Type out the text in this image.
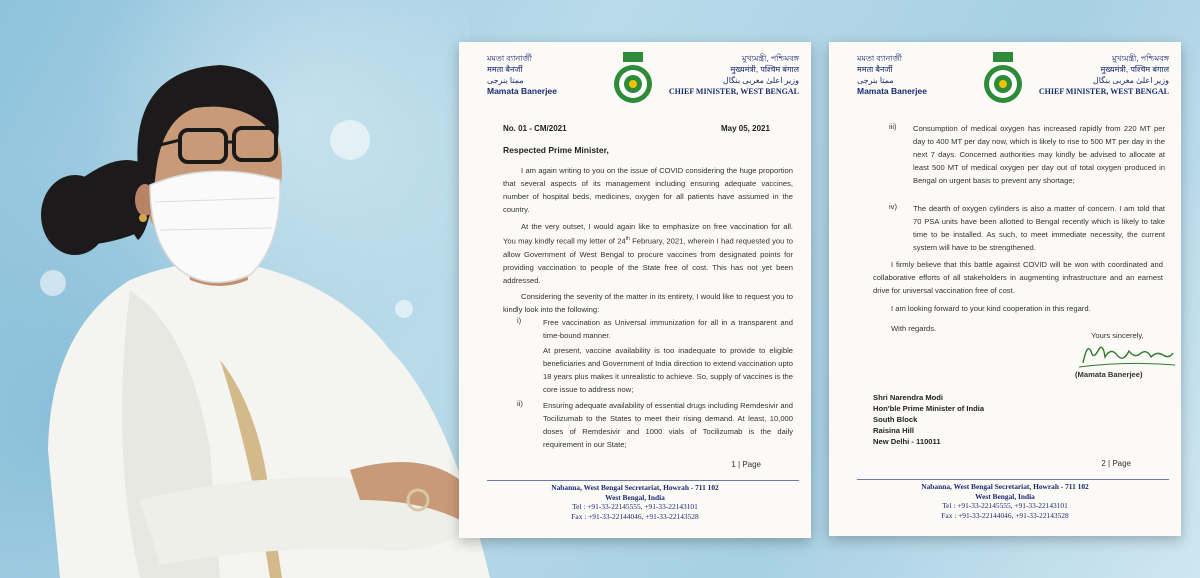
মমতা ব্যানার্জী
ममता बैनर्जी
ممتا بنرجی
Mamata Banerjee
মুখ্যমন্ত্রী, পশ্চিমবঙ্গ
मुख्यमंत्री, पश्चिम बंगाल
وزیر اعلیٰ مغربی بنگال
CHIEF MINISTER, WEST BENGAL
No. 01 - CM/2021	May 05, 2021
Respected Prime Minister,
I am again writing to you on the issue of COVID considering the huge proportion that several aspects of its management including ensuring adequate vaccines, number of hospital beds, medicines, oxygen for all patients have assumed in the country.
At the very outset, I would again like to emphasize on free vaccination for all. You may kindly recall my letter of 24th February, 2021, wherein I had requested you to allow Government of West Bengal to procure vaccines from designated points for providing vaccination to people of the State free of cost. This has not yet been addressed.
Considering the severity of the matter in its entirety, I would like to request you to kindly look into the following:
i)	Free vaccination as Universal immunization for all in a transparent and time-bound manner.
At present, vaccine availability is too inadequate to provide to eligible beneficiaries and Government of India direction to extend vaccination upto 18 years plus makes it unrealistic to achieve. So, supply of vaccines is the core issue to address now;
ii)	Ensuring adequate availability of essential drugs including Remdesivir and Tocilizumab to the States to meet their rising demand. At least, 10,000 doses of Remdesivir and 1000 vials of Tocilizumab is the daily requirement in our State;
1 | Page
Nabanna, West Bengal Secretariat, Howrah - 711 102
West Bengal, India
Tel : +91-33-22145555, +91-33-22143101
Fax : +91-33-22144046, +91-33-22143528
মমতা ব্যানার্জী
ममता बैनर्जी
ممتا بنرجی
Mamata Banerjee
মুখ্যমন্ত্রী, পশ্চিমবঙ্গ
मुख्यमंत्री, पश्चिम बंगाल
وزیر اعلیٰ مغربی بنگال
CHIEF MINISTER, WEST BENGAL
iii) Consumption of medical oxygen has increased rapidly from 220 MT per day to 400 MT per day now, which is likely to rise to 500 MT per day in the next 7 days. Concerned authorities may kindly be advised to allocate at least 500 MT of medical oxygen per day out of total oxygen produced in Bengal on urgent basis to prevent any shortage;
iv) The dearth of oxygen cylinders is also a matter of concern. I am told that 70 PSA units have been allotted to Bengal recently which is likely to take time to be installed. As such, to meet immediate necessity, the current system will have to be strengthened.
I firmly believe that this battle against COVID will be won with coordinated and collaborative efforts of all stakeholders in augmenting infrastructure and an earnest drive for universal vaccination free of cost.
I am looking forward to your kind cooperation in this regard.
With regards.
Yours sincerely,
(Mamata Banerjee)
Shri Narendra Modi
Hon'ble Prime Minister of India
South Block
Raisina Hill
New Delhi - 110011
2 | Page
Nabanna, West Bengal Secretariat, Howrah - 711 102
West Bengal, India
Tel : +91-33-22145555, +91-33-22143101
Fax : +91-33-22144046, +91-33-22143528
